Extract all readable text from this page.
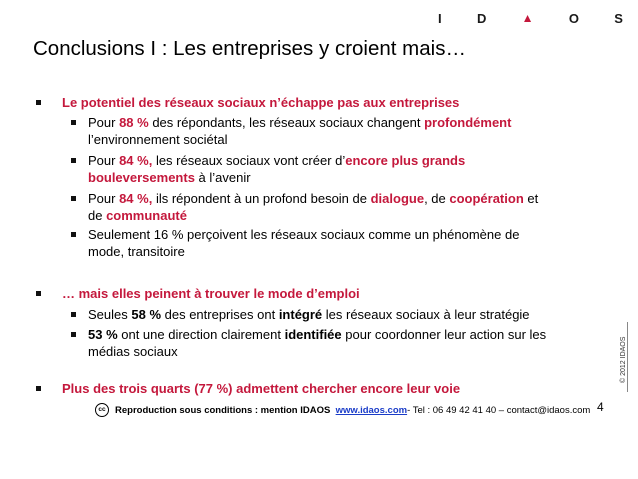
I	D	▲	O	S
Conclusions I : Les entreprises y croient mais…
Le potentiel des réseaux sociaux n’échappe pas aux entreprises
Pour 88 % des répondants, les réseaux sociaux changent profondément
l’environnement sociétal
Pour 84 %, les réseaux sociaux vont créer d’encore plus grands
bouleversements à l’avenir
Pour 84 %, ils répondent à un profond besoin de dialogue, de coopération et
de communauté
Seulement 16 % perçoivent les réseaux sociaux comme un phénomène de
mode, transitoire
… mais elles peinent à trouver le mode d’emploi
Seules 58 % des entreprises ont intégré les réseaux sociaux à leur stratégie
53 % ont une direction clairement identifiée pour coordonner leur action sur les
médias sociaux
Plus des trois quarts (77 %) admettent chercher encore leur voie
© 2012 IDAOS
cc Reproduction sous conditions : mention IDAOS
www.idaos.com - Tel : 06 49 42 41 40 – contact@idaos.com 4
